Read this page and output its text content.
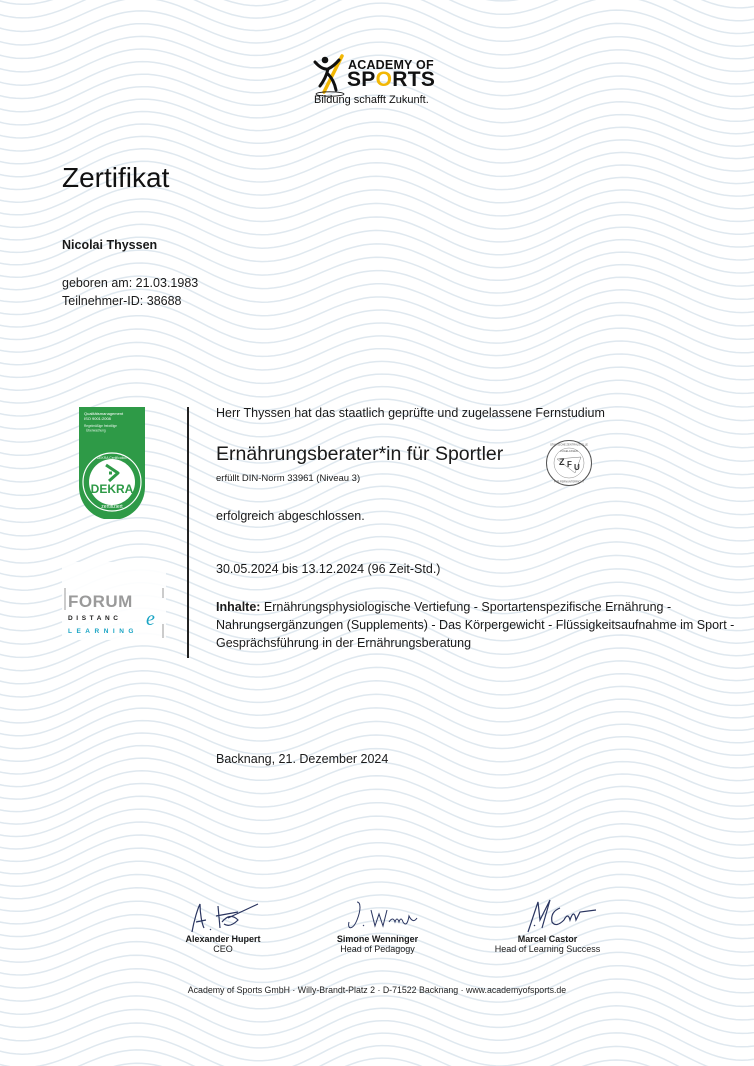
ACADEMY OF
SPORTS
Bildung schafft Zukunft.
Zertifikat
Nicolai Thyssen
geboren am: 21.03.1983
Teilnehmer-ID: 38688
Qualitätsmanagement
ISO 9001:2008
Regelmäßige freiwillige
Überwachung
DEKRA Certification
DEKRA
zertifiziert
FORUM
DISTANC e
LEARNING
Herr Thyssen hat das staatlich geprüfte und zugelassene Fernstudium
Ernährungsberater*in für Sportler
erfüllt DIN-Norm 33961 (Niveau 3)
Z F U
ZUGELASSEN
STAATLICHE ZENTRALSTELLE
FÜR FERNUNTERRICHT
erfolgreich abgeschlossen.
30.05.2024 bis 13.12.2024 (96 Zeit-Std.)
Inhalte: Ernährungsphysiologische Vertiefung - Sportartenspezifische Ernährung - Nahrungsergänzungen (Supplements) - Das Körpergewicht - Flüssigkeitsaufnahme im Sport - Gesprächsführung in der Ernährungsberatung
Backnang, 21. Dezember 2024
Alexander Hupert
CEO
Simone Wenninger
Head of Pedagogy
Marcel Castor
Head of Learning Success
Academy of Sports GmbH · Willy-Brandt-Platz 2 · D-71522 Backnang · www.academyofsports.de
